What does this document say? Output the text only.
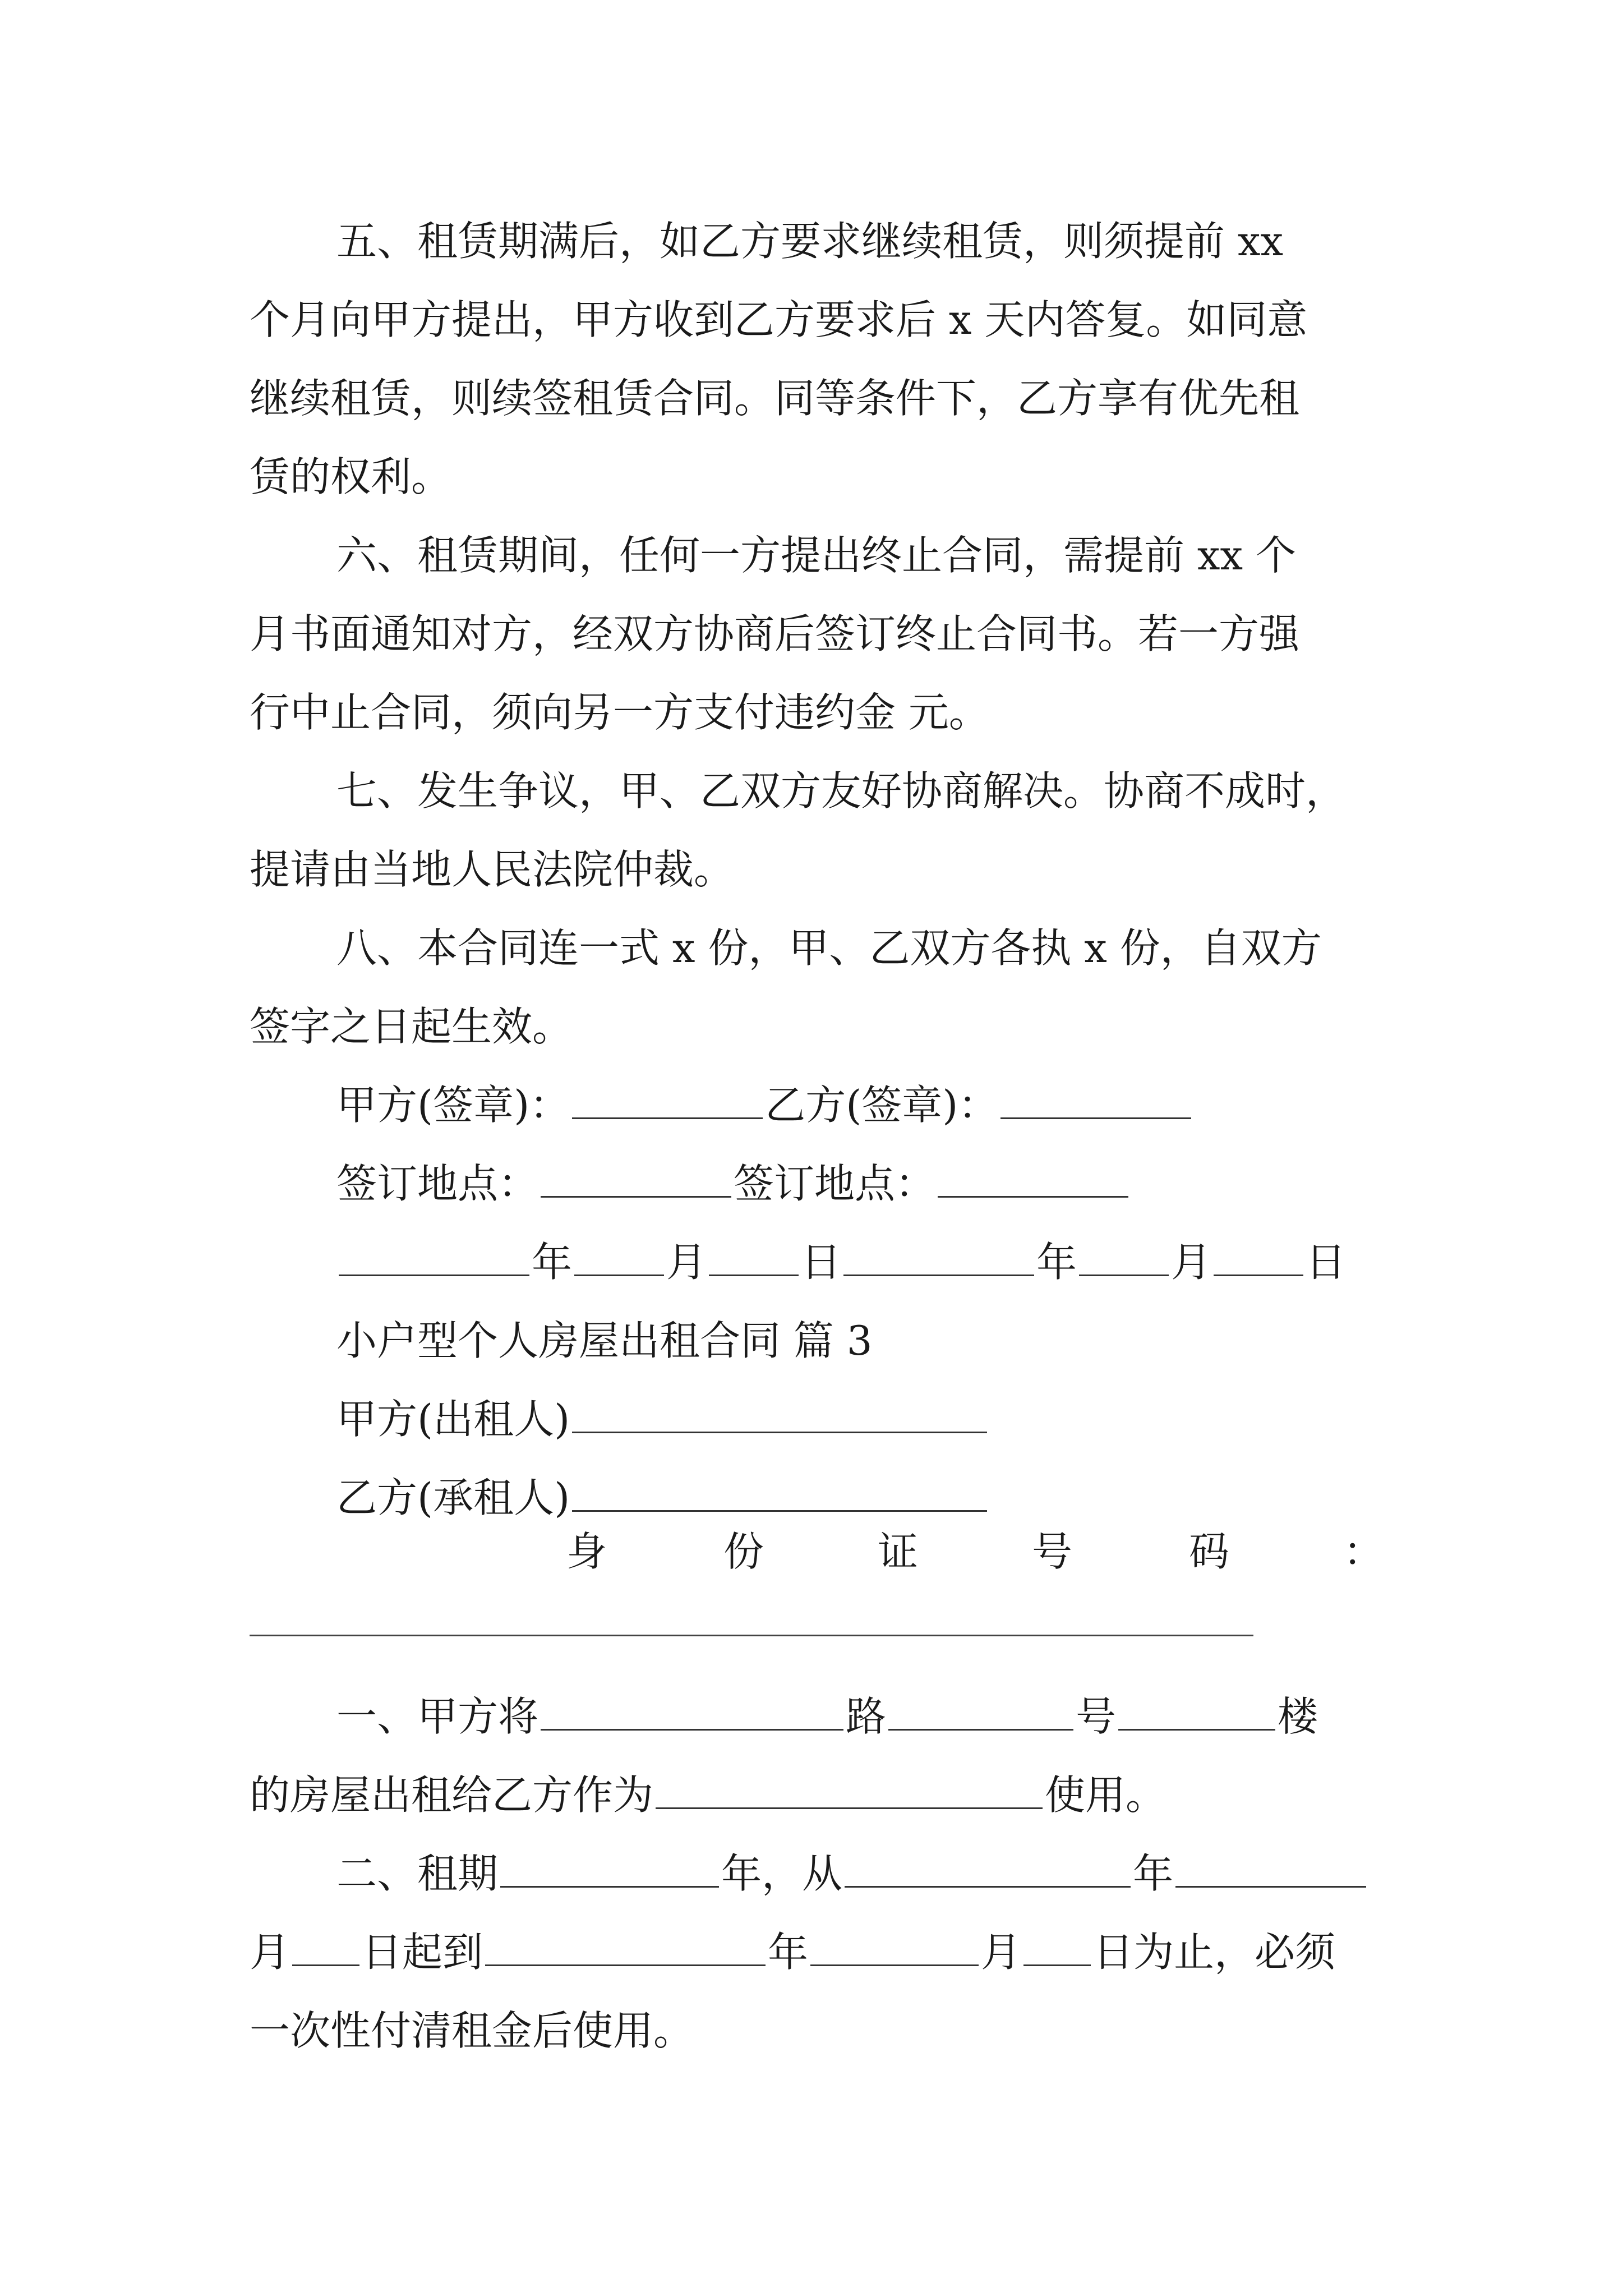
五、租赁期满后，如乙方要求继续租赁，则须提前 xx
个月向甲方提出，甲方收到乙方要求后 x 天内答复。如同意
继续租赁，则续签租赁合同。同等条件下，乙方享有优先租
赁的权利。
六、租赁期间，任何一方提出终止合同，需提前 xx 个
月书面通知对方，经双方协商后签订终止合同书。若一方强
行中止合同，须向另一方支付违约金 元。
七、发生争议，甲、乙双方友好协商解决。协商不成时，
提请由当地人民法院仲裁。
八、本合同连一式 x 份，甲、乙双方各执 x 份，自双方
签字之日起生效。
甲方(签章)：	乙方(签章)：
签订地点：	签订地点：
年 月 日	年 月 日
小户型个人房屋出租合同 篇 3
甲方(出租人)
乙方(承租人)
身	份	证	号	码	：
一、甲方将	路	号	楼
的房屋出租给乙方作为	使用。
二、租期	年，从	年
月 日起到	年	月 日为止，必须
一次性付清租金后使用。
